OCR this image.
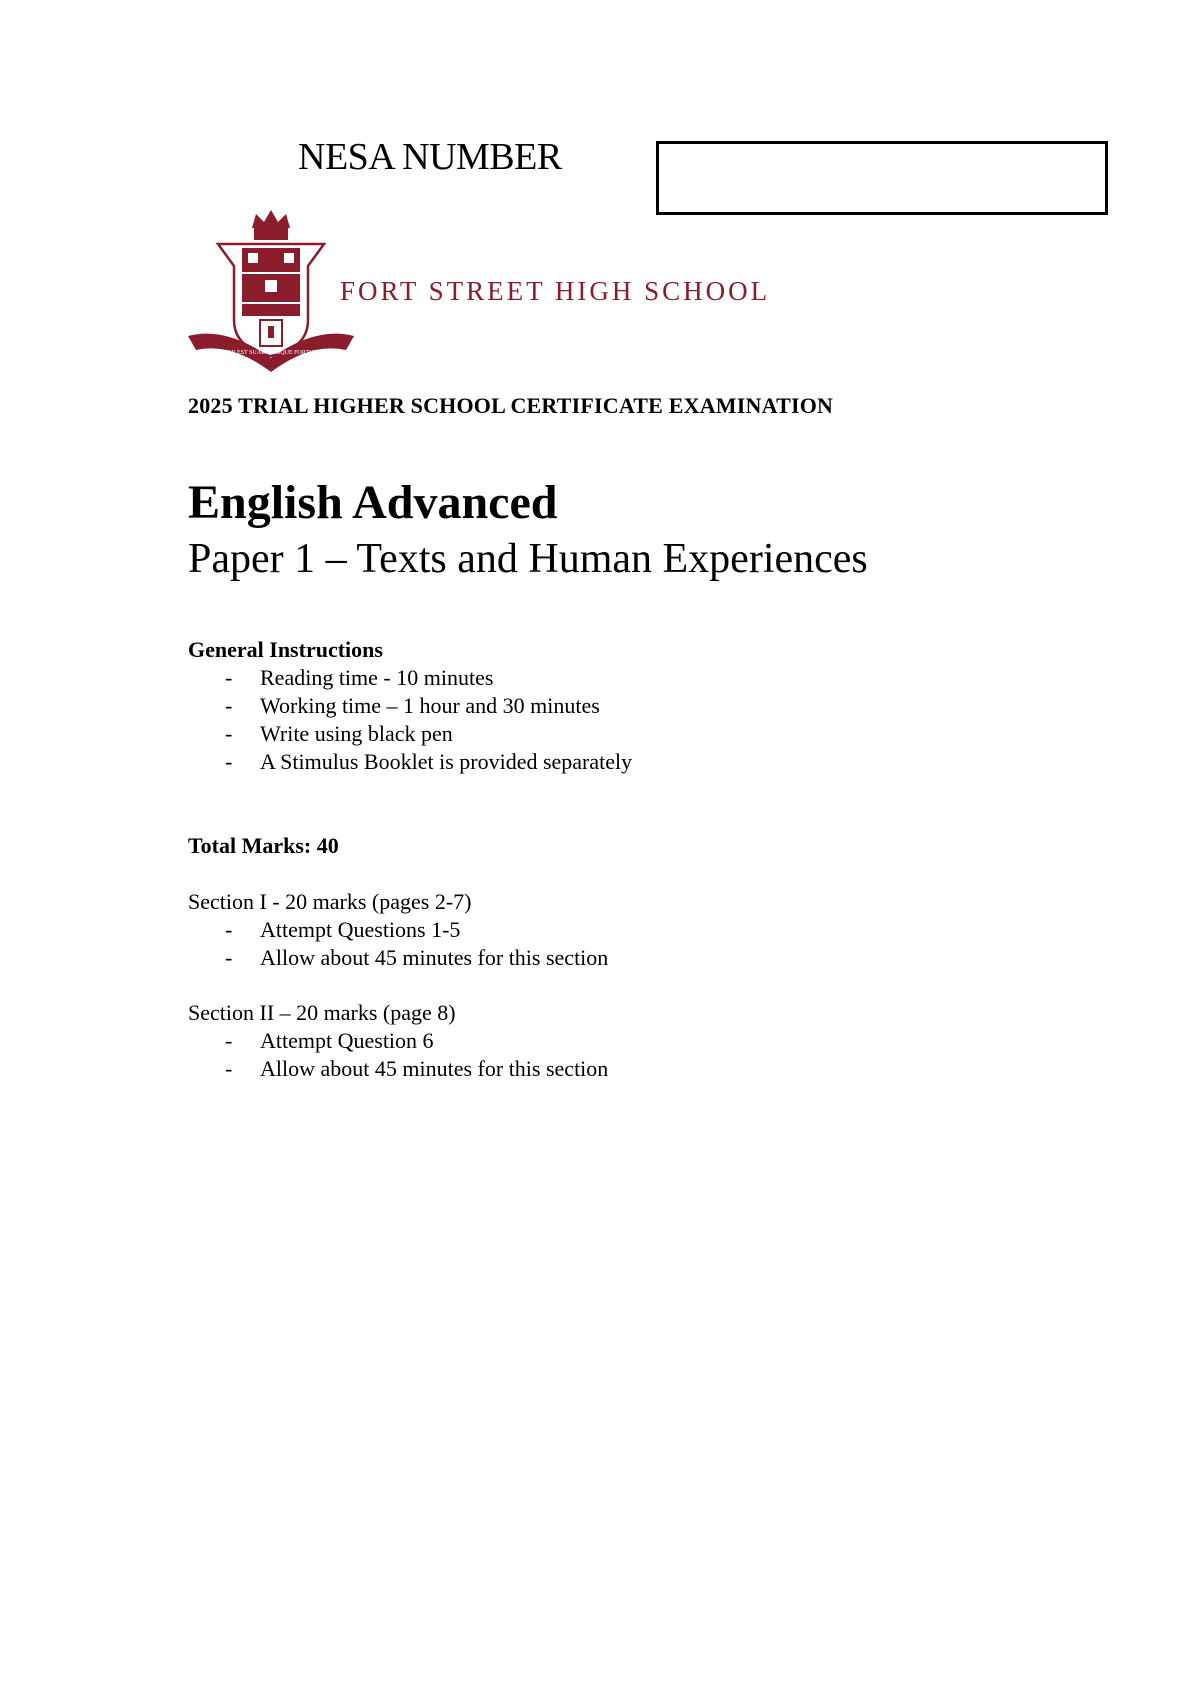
NESA NUMBER
FAHER EST SUAE QUISQUE FORTUNAE
FORT STREET HIGH SCHOOL
2025 TRIAL HIGHER SCHOOL CERTIFICATE EXAMINATION
English Advanced
Paper 1 – Texts and Human Experiences
General Instructions
- Reading time - 10 minutes
- Working time – 1 hour and 30 minutes
- Write using black pen
- A Stimulus Booklet is provided separately
Total Marks: 40
Section I - 20 marks (pages 2-7)
- Attempt Questions 1-5
- Allow about 45 minutes for this section
Section II – 20 marks (page 8)
- Attempt Question 6
- Allow about 45 minutes for this section
